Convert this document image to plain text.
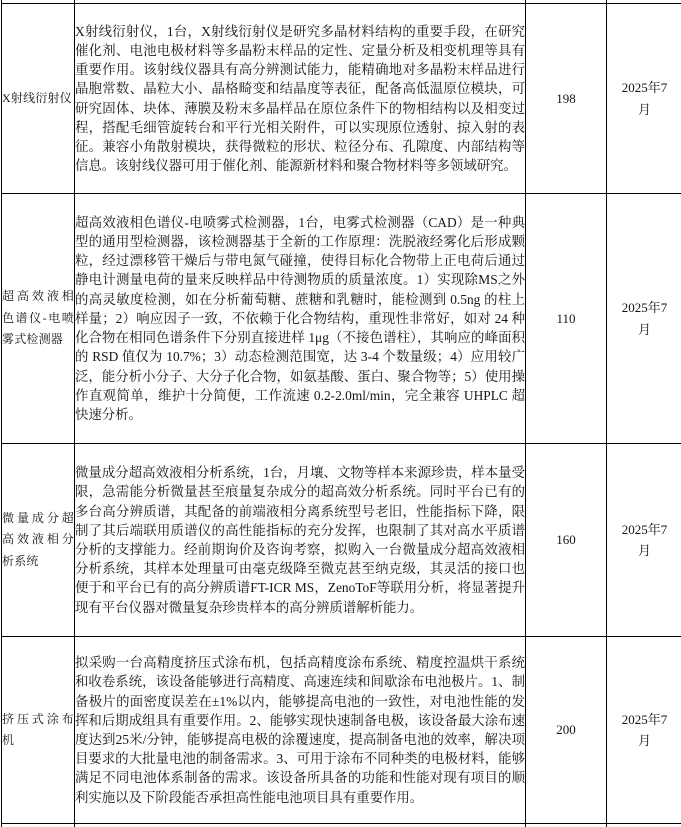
X射线衍射仪	X射线衍射仪，1台，X射线衍射仪是研究多晶材料结构的重要手段，在研究催化剂、电池电极材料等多晶粉末样品的定性、定量分析及相变机理等具有重要作用。该射线仪器具有高分辨测试能力，能精确地对多晶粉末样品进行晶胞常数、晶粒大小、晶格畸变和结晶度等表征，配备高低温原位模块，可研究固体、块体、薄膜及粉末多晶样品在原位条件下的物相结构以及相变过程，搭配毛细管旋转台和平行光相关附件，可以实现原位透射、掠入射的表征。兼容小角散射模块，获得微粒的形状、粒径分布、孔隙度、内部结构等信息。该射线仪器可用于催化剂、能源新材料和聚合物材料等多领域研究。	198	2025年7月

超高效液相色谱仪-电喷雾式检测器	超高效液相色谱仪-电喷雾式检测器，1台，电雾式检测器（CAD）是一种典型的通用型检测器，该检测器基于全新的工作原理：洗脱液经雾化后形成颗粒，经过漂移管干燥后与带电氮气碰撞，使得目标化合物带上正电荷后通过静电计测量电荷的量来反映样品中待测物质的质量浓度。1）实现除MS之外的高灵敏度检测，如在分析葡萄糖、蔗糖和乳糖时，能检测到 0.5ng 的柱上样量；2）响应因子一致，不依赖于化合物结构，重现性非常好，如对 24 种化合物在相同色谱条件下分别直接进样 1μg（不接色谱柱），其响应的峰面积的 RSD 值仅为 10.7%；3）动态检测范围宽，达 3-4 个数量级；4）应用较广泛，能分析小分子、大分子化合物，如氨基酸、蛋白、聚合物等；5）使用操作直观简单，维护十分简便，工作流速 0.2-2.0ml/min，完全兼容 UHPLC 超快速分析。	110	2025年7月

微量成分超高效液相分析系统	微量成分超高效液相分析系统，1台，月壤、文物等样本来源珍贵，样本量受限，急需能分析微量甚至痕量复杂成分的超高效分析系统。同时平台已有的多台高分辨质谱，其配备的前端液相分离系统型号老旧，性能指标下降，限制了其后端联用质谱仪的高性能指标的充分发挥，也限制了其对高水平质谱分析的支撑能力。经前期询价及咨询考察，拟购入一台微量成分超高效液相分析系统，其样本处理量可由毫克级降至微克甚至纳克级，其灵活的接口也便于和平台已有的高分辨质谱FT-ICR MS，ZenoToF等联用分析，将显著提升现有平台仪器对微量复杂珍贵样本的高分辨质谱解析能力。	160	2025年7月

挤压式涂布机	拟采购一台高精度挤压式涂布机，包括高精度涂布系统、精度控温烘干系统和收卷系统，该设备能够进行高精度、高速连续和间歇涂布电池极片。1、制备极片的面密度误差在±1%以内，能够提高电池的一致性，对电池性能的发挥和后期成组具有重要作用。2、能够实现快速制备电极，该设备最大涂布速度达到25米/分钟，能够提高电极的涂覆速度，提高制备电池的效率，解决项目要求的大批量电池的制备需求。3、可用于涂布不同种类的电极材料，能够满足不同电池体系制备的需求。该设备所具备的功能和性能对现有项目的顺利实施以及下阶段能否承担高性能电池项目具有重要作用。	200	2025年7月
